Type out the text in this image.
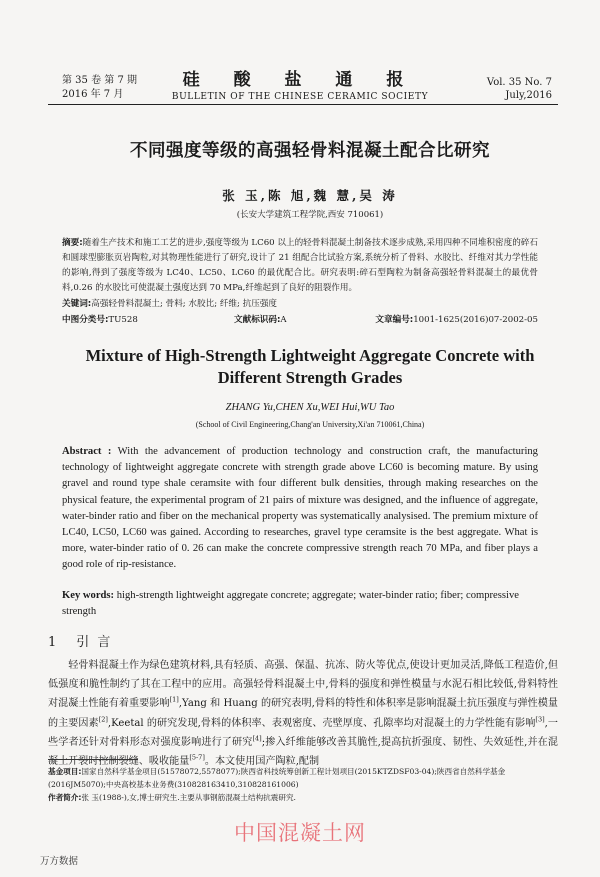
第 35 卷 第 7 期
2016 年 7 月
硅 酸 盐 通 报
BULLETIN OF THE CHINESE CERAMIC SOCIETY
Vol. 35 No. 7
July,2016
不同强度等级的高强轻骨料混凝土配合比研究
张 玉,陈 旭,魏 慧,吴 涛
(长安大学建筑工程学院,西安 710061)
摘要:随着生产技术和施工工艺的进步,强度等级为 LC60 以上的轻骨料混凝土制备技术逐步成熟,采用四种不同堆积密度的碎石和圆球型膨胀页岩陶粒,对其物理性能进行了研究,设计了 21 组配合比试验方案,系统分析了骨料、水胶比、纤维对其力学性能的影响,得到了强度等级为 LC40、LC50、LC60 的最优配合比。研究表明:碎石型陶粒为制备高强轻骨料混凝土的最优骨料,0.26 的水胶比可使混凝土强度达到 70 MPa,纤维起到了良好的阻裂作用。
关键词:高强轻骨料混凝土; 骨料; 水胶比; 纤维; 抗压强度
中图分类号:TU528	文献标识码:A	文章编号:1001-1625(2016)07-2002-05
Mixture of High-Strength Lightweight Aggregate Concrete with
Different Strength Grades
ZHANG Yu,CHEN Xu,WEI Hui,WU Tao
(School of Civil Engineering,Chang'an University,Xi'an 710061,China)
Abstract : With the advancement of production technology and construction craft, the manufacturing technology of lightweight aggregate concrete with strength grade above LC60 is becoming mature. By using gravel and round type shale ceramsite with four different bulk densities, through making researches on the physical feature, the experimental program of 21 pairs of mixture was designed, and the influence of aggregate, water-binder ratio and fiber on the mechanical property was systematically analysised. The premium mixture of LC40, LC50, LC60 was gained. According to researches, gravel type ceramsite is the best aggregate. What is more, water-binder ratio of 0. 26 can make the concrete compressive strength reach 70 MPa, and fiber plays a good role of rip-resistance.
Key words: high-strength lightweight aggregate concrete; aggregate; water-binder ratio; fiber; compressive strength
1 引 言
轻骨料混凝土作为绿色建筑材料,具有轻质、高强、保温、抗冻、防火等优点,使设计更加灵活,降低工程造价,但低强度和脆性制约了其在工程中的应用。高强轻骨料混凝土中,骨料的强度和弹性模量与水泥石相比较低,骨料特性对混凝土性能有着重要影响[1],Yang 和 Huang 的研究表明,骨料的特性和体积率是影响混凝土抗压强度与弹性模量的主要因素[2],Keetal 的研究发现,骨料的体积率、表观密度、壳壁厚度、孔隙率均对混凝土的力学性能有影响[3],一些学者还针对骨料形态对强度影响进行了研究[4];掺入纤维能够改善其脆性,提高抗折强度、韧性、失效延性,并在混凝土开裂时控制裂缝、吸收能量[5-7]。本文使用国产陶粒,配制
基金项目:国家自然科学基金项目(51578072,5578077);陕西省科技统筹创新工程计划项目(2015KTZDSF03-04);陕西省自然科学基金(2016JM5070);中央高校基本业务费(310828163410,310828161006)
作者简介:张 玉(1988-),女,博士研究生.主要从事钢筋混凝土结构抗震研究.
中国混凝土网
万方数据
